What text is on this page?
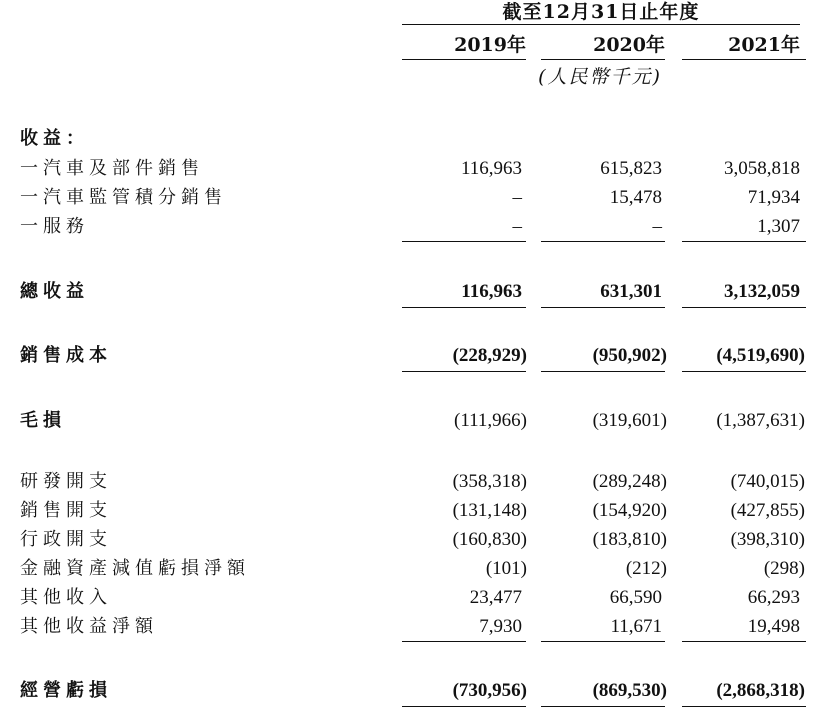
截至12月31日止年度
2019年	2020年	2021年
(人民幣千元)
收益：
一汽車及部件銷售	116,963	615,823	3,058,818
一汽車監管積分銷售	–	15,478	71,934
一服務	–	–	1,307
總收益	116,963	631,301	3,132,059
銷售成本	(228,929)	(950,902)	(4,519,690)
毛損	(111,966)	(319,601)	(1,387,631)
研發開支	(358,318)	(289,248)	(740,015)
銷售開支	(131,148)	(154,920)	(427,855)
行政開支	(160,830)	(183,810)	(398,310)
金融資產減值虧損淨額	(101)	(212)	(298)
其他收入	23,477	66,590	66,293
其他收益淨額	7,930	11,671	19,498
經營虧損	(730,956)	(869,530)	(2,868,318)
